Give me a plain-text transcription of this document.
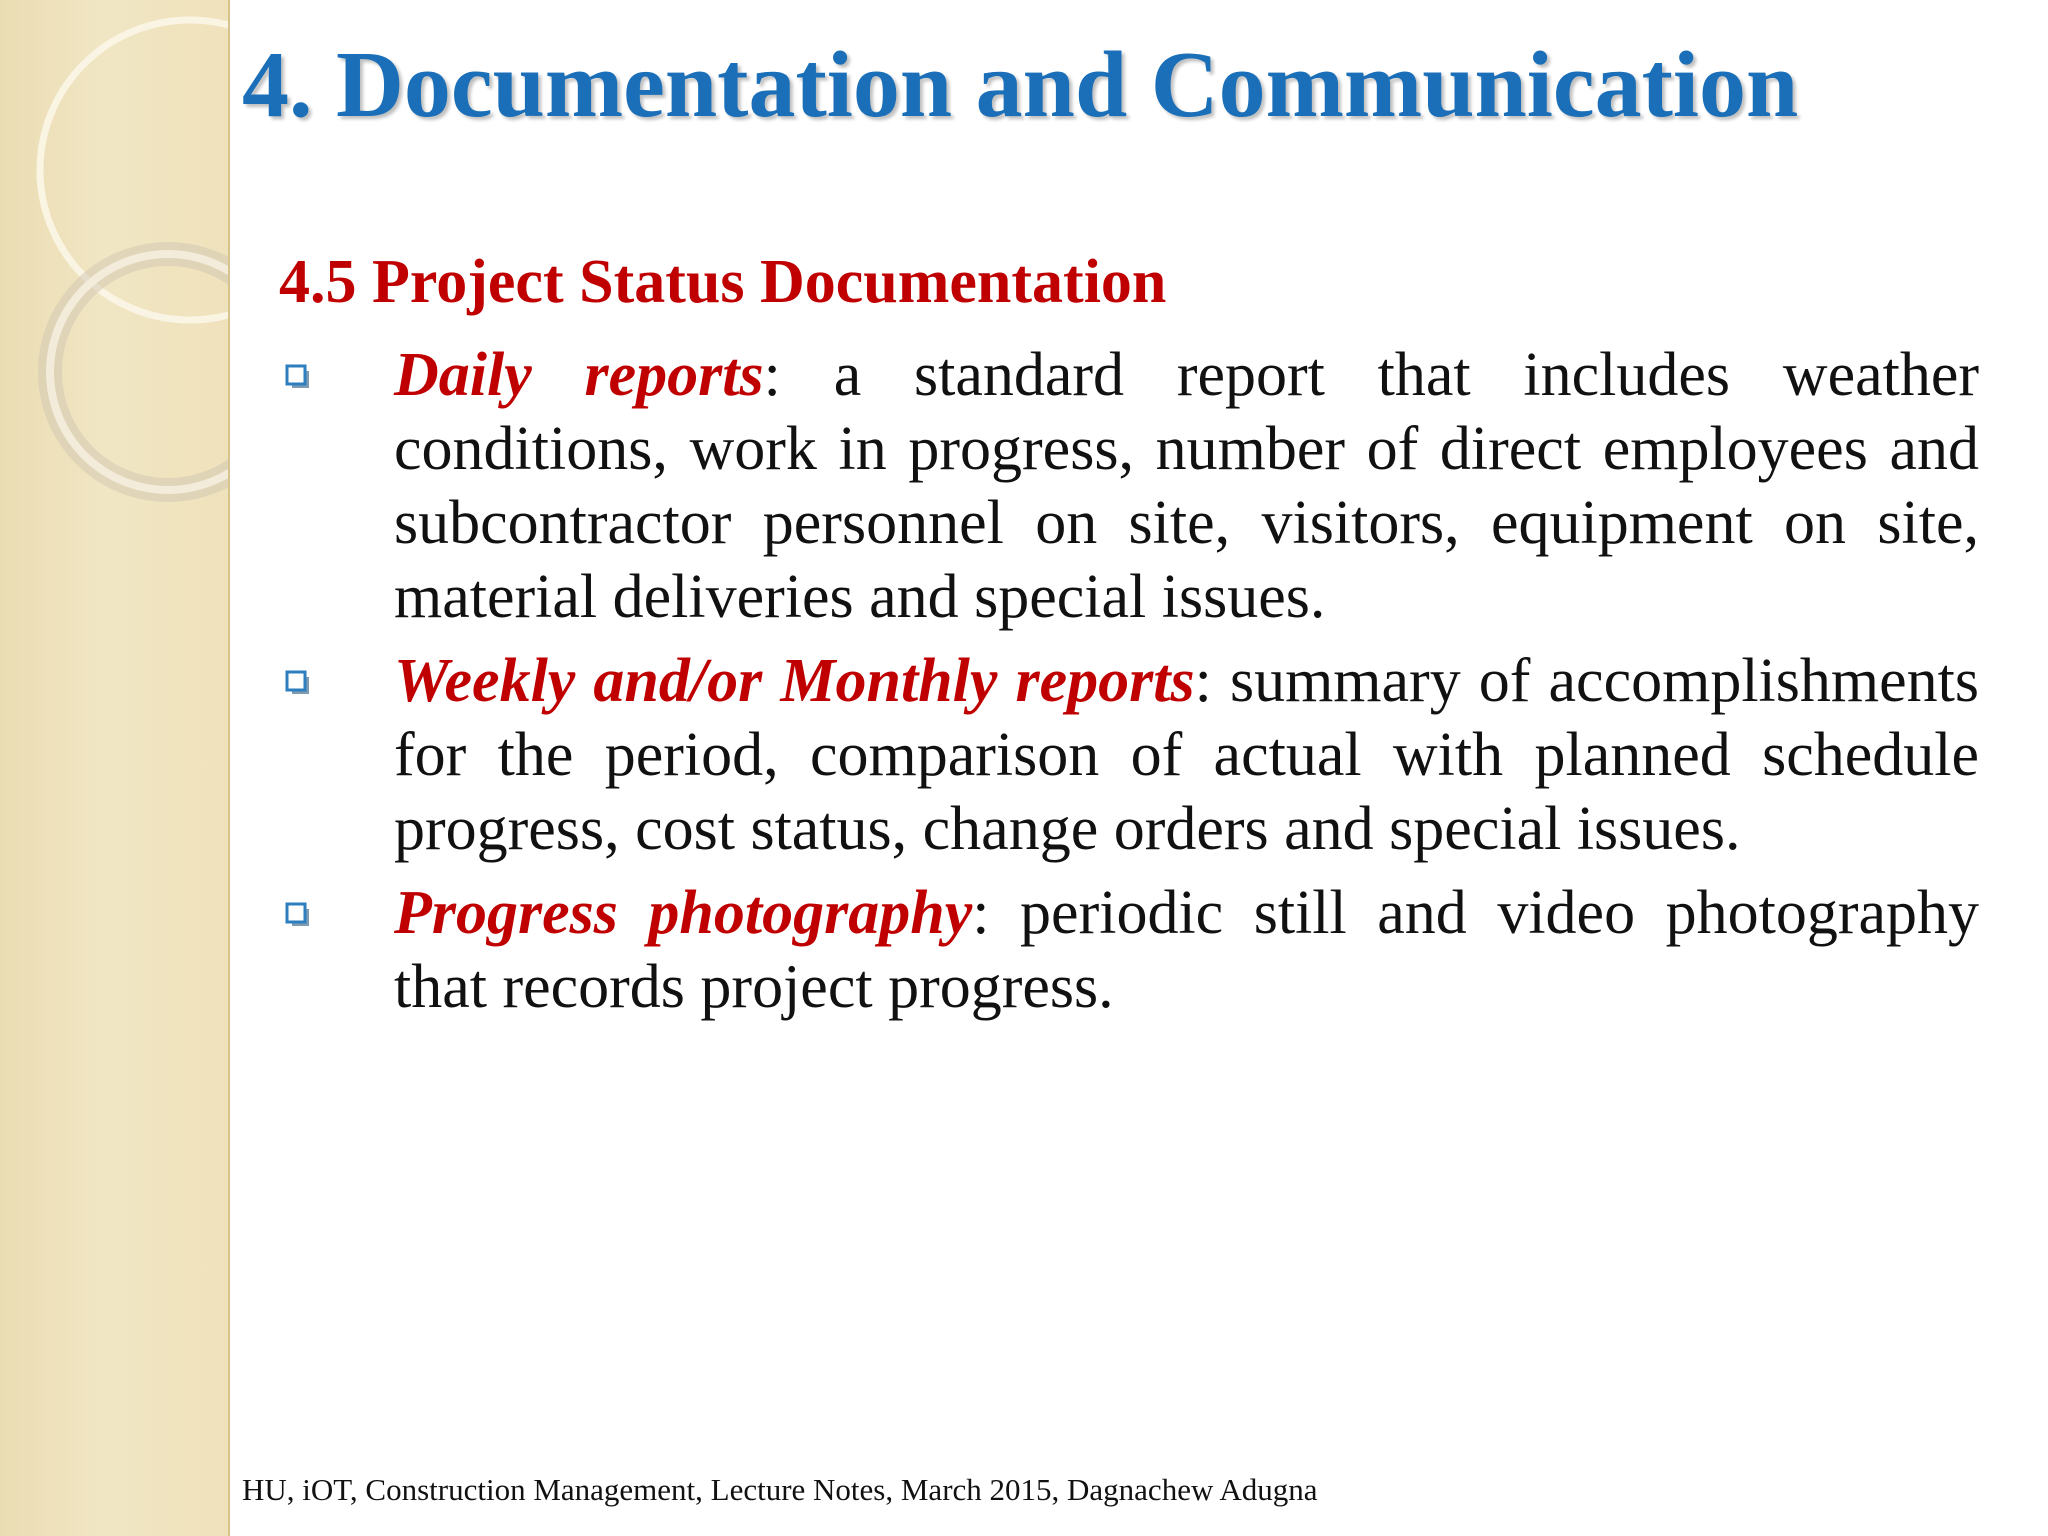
4. Documentation and Communication
4.5 Project Status Documentation
Daily reports: a standard report that includes weather conditions, work in progress, number of direct employees and subcontractor personnel on site, visitors, equipment on site, material deliveries and special issues.
Weekly and/or Monthly reports: summary of accomplishments for the period, comparison of actual with planned schedule progress, cost status, change orders and special issues.
Progress photography: periodic still and video photography that records project progress.

HU, iOT, Construction Management, Lecture Notes, March 2015, Dagnachew Adugna
